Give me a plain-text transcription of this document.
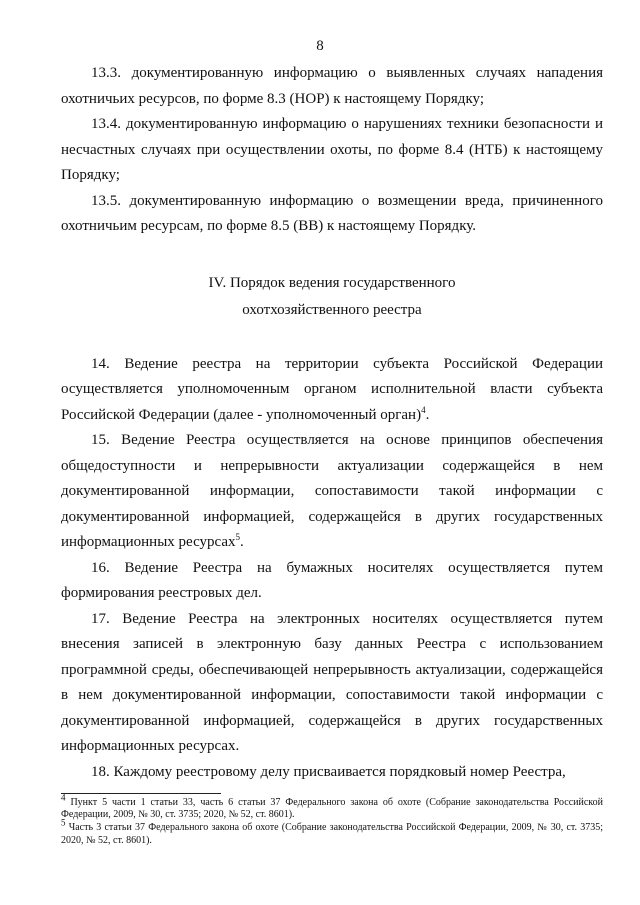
8

13.3. документированную информацию о выявленных случаях нападения охотничьих ресурсов, по форме 8.3 (НОР) к настоящему Порядку;

13.4. документированную информацию о нарушениях техники безопасности и несчастных случаях при осуществлении охоты, по форме 8.4 (НТБ) к настоящему Порядку;

13.5. документированную информацию о возмещении вреда, причиненного охотничьим ресурсам, по форме 8.5 (ВВ) к настоящему Порядку.

IV. Порядок ведения государственного
охотхозяйственного реестра

14. Ведение реестра на территории субъекта Российской Федерации осуществляется уполномоченным органом исполнительной власти субъекта Российской Федерации (далее - уполномоченный орган)$^4$.

15. Ведение Реестра осуществляется на основе принципов обеспечения общедоступности и непрерывности актуализации содержащейся в нем документированной информации, сопоставимости такой информации с документированной информацией, содержащейся в других государственных информационных ресурсах$^5$.

16. Ведение Реестра на бумажных носителях осуществляется путем формирования реестровых дел.

17. Ведение Реестра на электронных носителях осуществляется путем внесения записей в электронную базу данных Реестра с использованием программной среды, обеспечивающей непрерывность актуализации, содержащейся в нем документированной информации, сопоставимости такой информации с документированной информацией, содержащейся в других государственных информационных ресурсах.

18. Каждому реестровому делу присваивается порядковый номер Реестра,

$^4$ Пункт 5 части 1 статьи 33, часть 6 статьи 37 Федерального закона об охоте (Собрание законодательства Российской Федерации, 2009, № 30, ст. 3735; 2020, № 52, ст. 8601).

$^5$ Часть 3 статьи 37 Федерального закона об охоте (Собрание законодательства Российской Федерации, 2009, № 30, ст. 3735; 2020, № 52, ст. 8601).
